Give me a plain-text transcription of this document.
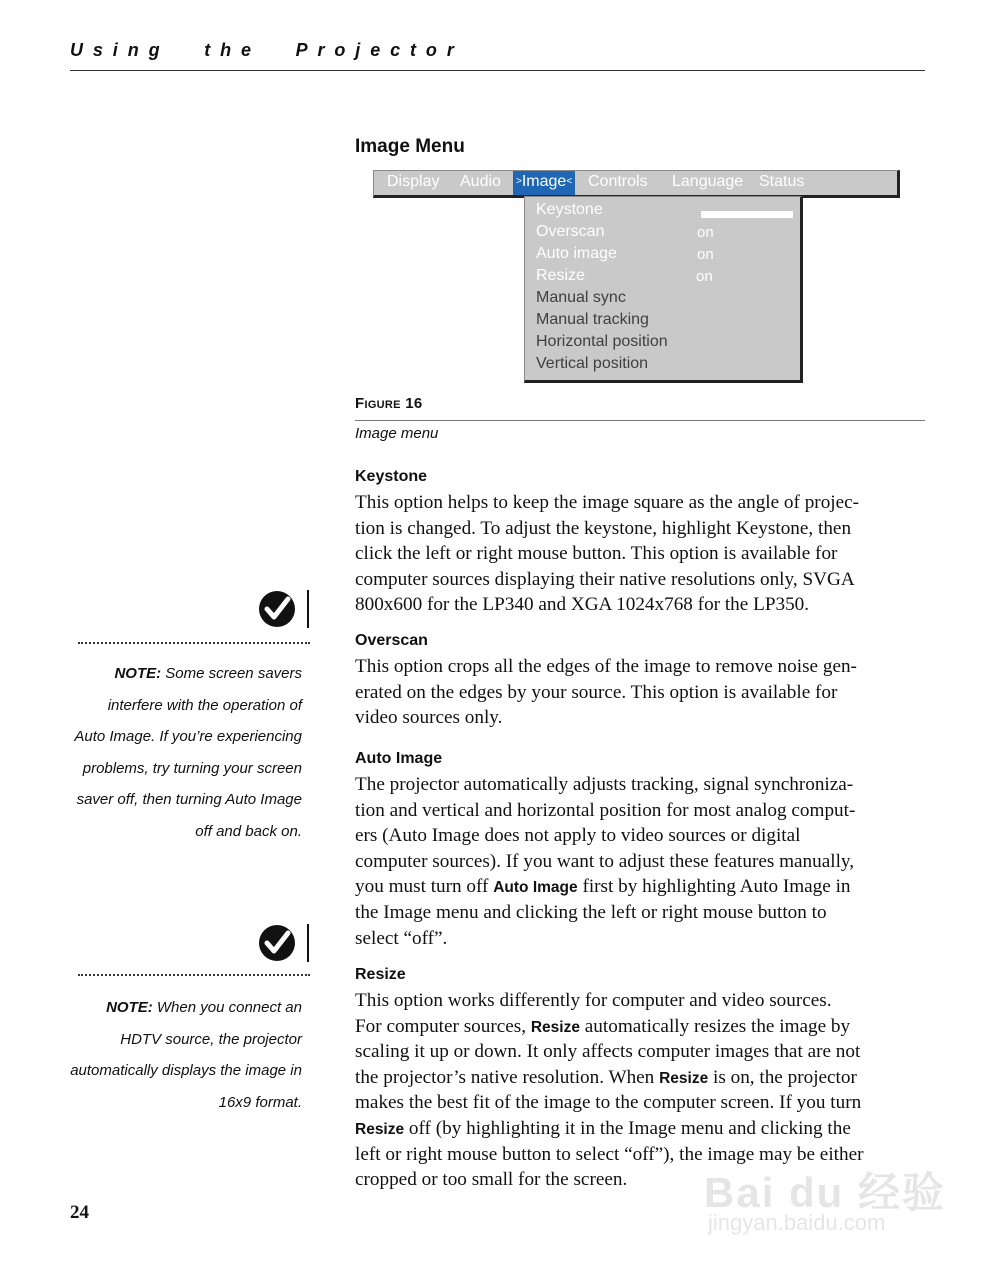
Using the Projector
Image Menu
Display Audio	>Image< Controls Language Status
Keystone
Overscan	on
Auto image	on
Resize	on
Manual sync
Manual tracking
Horizontal position
Vertical position
Figure 16
Image menu
Keystone
This option helps to keep the image square as the angle of projec-
tion is changed. To adjust the keystone, highlight Keystone, then
click the left or right mouse button. This option is available for
computer sources displaying their native resolutions only, SVGA
800x600 for the LP340 and XGA 1024x768 for the LP350.
Overscan
This option crops all the edges of the image to remove noise gen-
erated on the edges by your source. This option is available for
video sources only.
Auto Image
The projector automatically adjusts tracking, signal synchroniza-
tion and vertical and horizontal position for most analog comput-
ers (Auto Image does not apply to video sources or digital
computer sources). If you want to adjust these features manually,
you must turn off Auto Image first by highlighting Auto Image in
the Image menu and clicking the left or right mouse button to
select “off”.
Resize
This option works differently for computer and video sources.
For computer sources, Resize automatically resizes the image by
scaling it up or down. It only affects computer images that are not
the projector’s native resolution. When Resize is on, the projector
makes the best fit of the image to the computer screen. If you turn
Resize off (by highlighting it in the Image menu and clicking the
left or right mouse button to select “off”), the image may be either
cropped or too small for the screen.
NOTE: Some screen savers
interfere with the operation of
Auto Image. If you’re experiencing
problems, try turning your screen
saver off, then turning Auto Image
off and back on.
NOTE: When you connect an
HDTV source, the projector
automatically displays the image in
16x9 format.
24	Bai du 经验
jingyan.baidu.com
